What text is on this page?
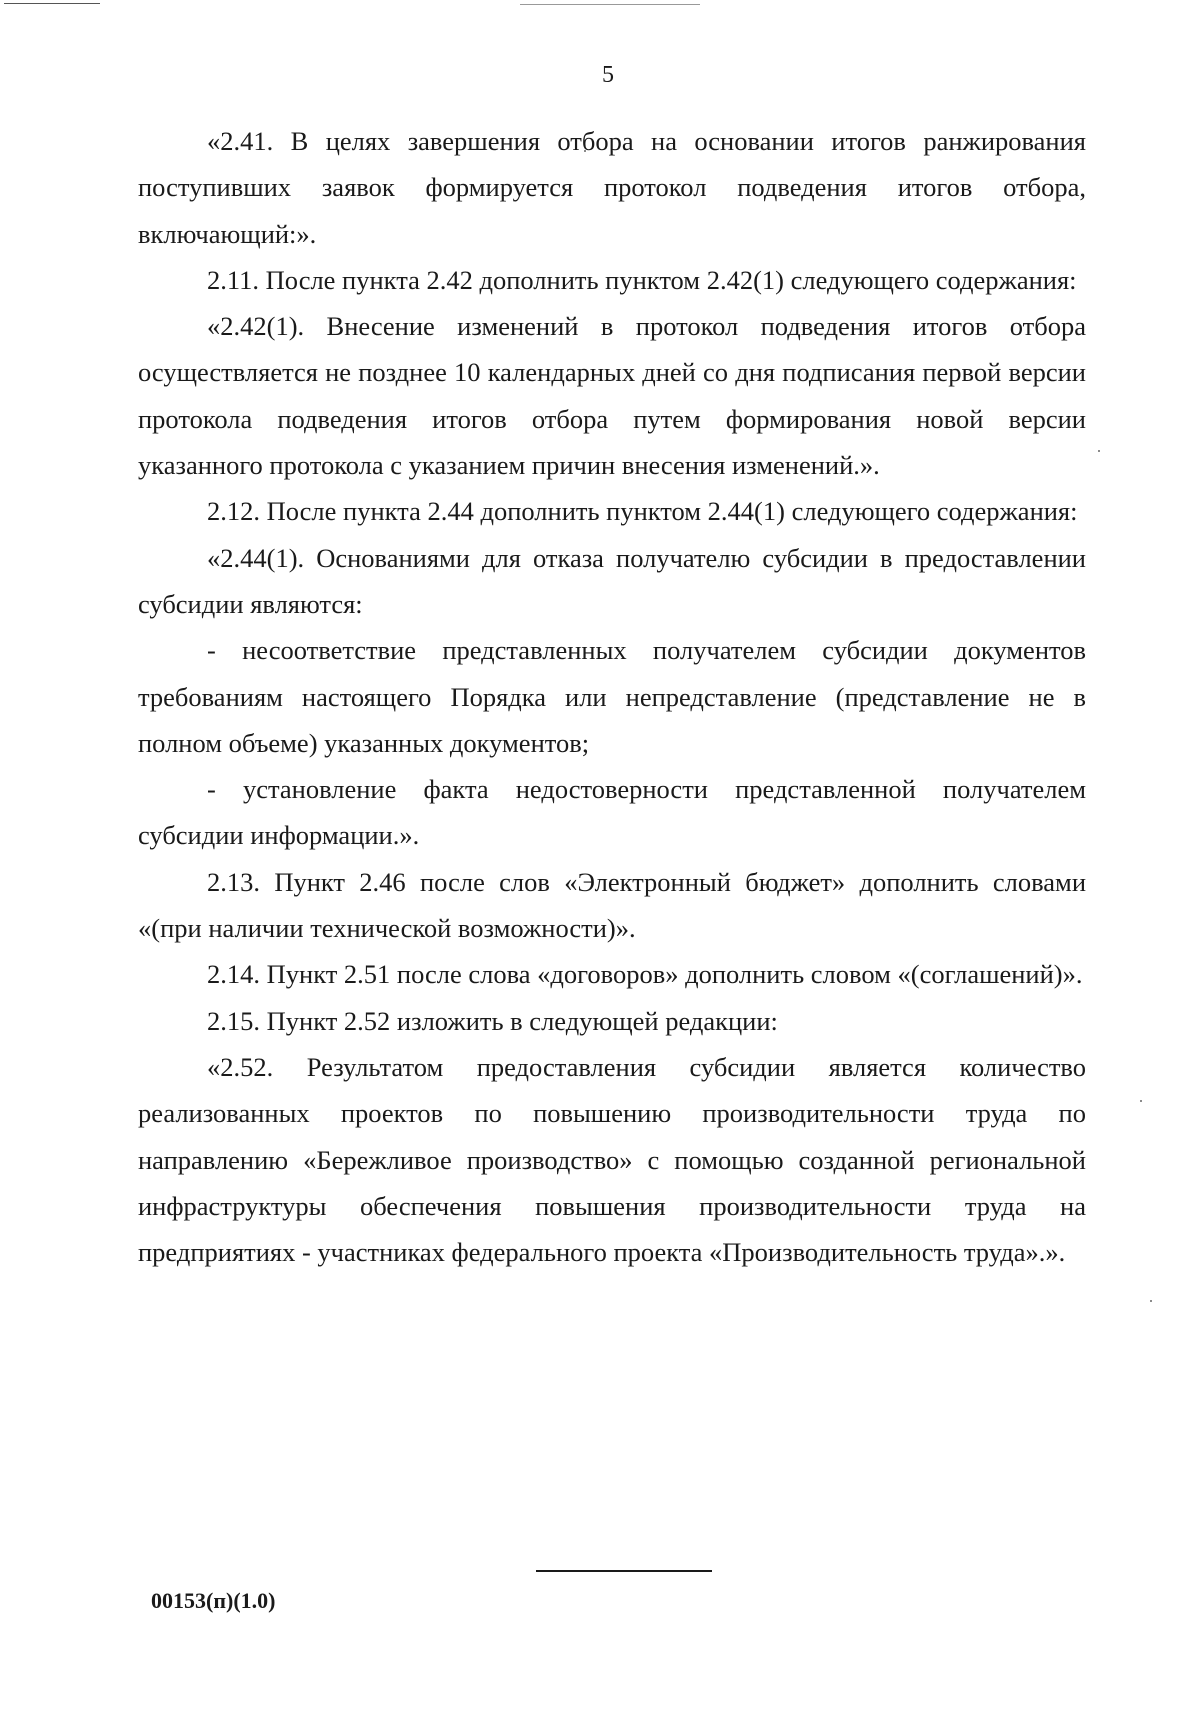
5

«2.41. В целях завершения отбора на основании итогов ранжирования поступивших заявок формируется протокол подведения итогов отбора, включающий:».

2.11. После пункта 2.42 дополнить пунктом 2.42(1) следующего содержания:

«2.42(1). Внесение изменений в протокол подведения итогов отбора осуществляется не позднее 10 календарных дней со дня подписания первой версии протокола подведения итогов отбора путем формирования новой версии указанного протокола с указанием причин внесения изменений.».

2.12. После пункта 2.44 дополнить пунктом 2.44(1) следующего содержания:

«2.44(1). Основаниями для отказа получателю субсидии в предоставлении субсидии являются:

- несоответствие представленных получателем субсидии документов требованиям настоящего Порядка или непредставление (представление не в полном объеме) указанных документов;

- установление факта недостоверности представленной получателем субсидии информации.».

2.13. Пункт 2.46 после слов «Электронный бюджет» дополнить словами «(при наличии технической возможности)».

2.14. Пункт 2.51 после слова «договоров» дополнить словом «(соглашений)».

2.15. Пункт 2.52 изложить в следующей редакции:

«2.52. Результатом предоставления субсидии является количество реализованных проектов по повышению производительности труда по направлению «Бережливое производство» с помощью созданной региональной инфраструктуры обеспечения повышения производительности труда на предприятиях - участниках федерального проекта «Производительность труда».».

00153(п)(1.0)
